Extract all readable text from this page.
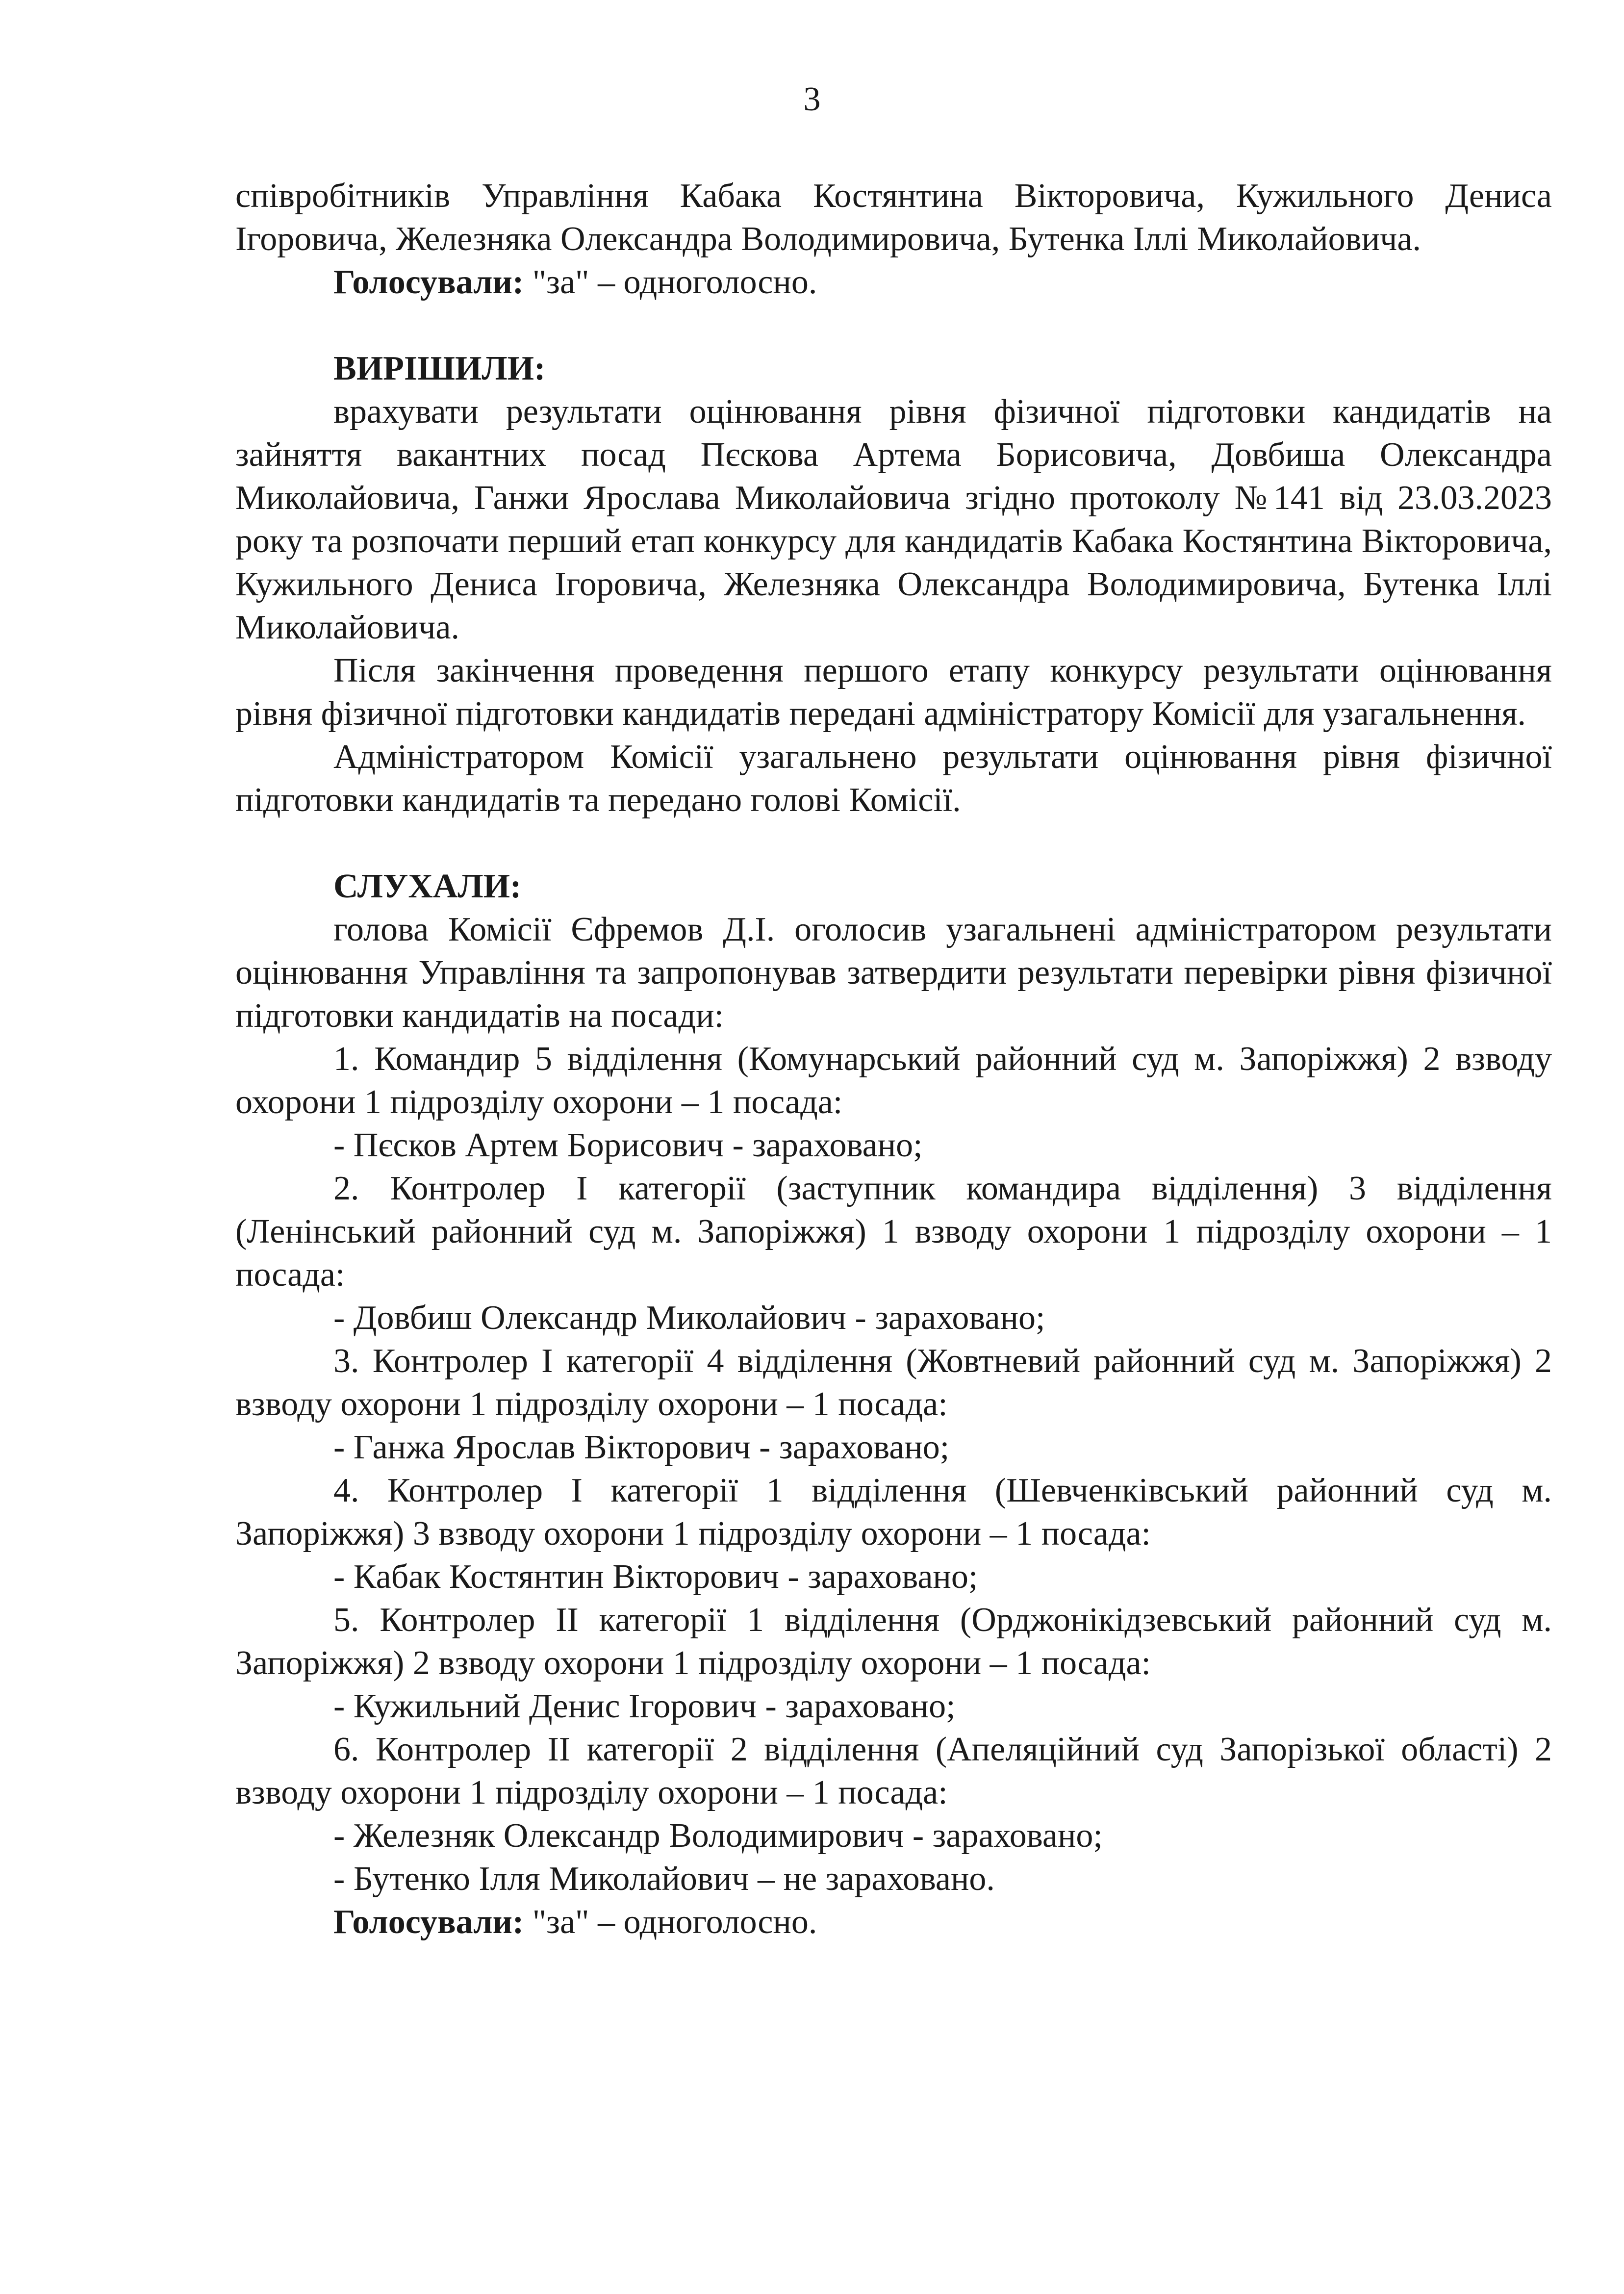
3

співробітників Управління Кабака Костянтина Вікторовича, Кужильного Дениса Ігоровича, Железняка Олександра Володимировича, Бутенка Іллі Миколайовича.

Голосували: "за" – одноголосно.

ВИРІШИЛИ:

врахувати результати оцінювання рівня фізичної підготовки кандидатів на зайняття вакантних посад Пєскова Артема Борисовича, Довбиша Олександра Миколайовича, Ганжи Ярослава Миколайовича згідно протоколу №141 від 23.03.2023 року та розпочати перший етап конкурсу для кандидатів Кабака Костянтина Вікторовича, Кужильного Дениса Ігоровича, Железняка Олександра Володимировича, Бутенка Іллі Миколайовича.

Після закінчення проведення першого етапу конкурсу результати оцінювання рівня фізичної підготовки кандидатів передані адміністратору Комісії для узагальнення.

Адміністратором Комісії узагальнено результати оцінювання рівня фізичної підготовки кандидатів та передано голові Комісії.

СЛУХАЛИ:

голова Комісії Єфремов Д.І. оголосив узагальнені адміністратором результати оцінювання Управління та запропонував затвердити результати перевірки рівня фізичної підготовки кандидатів на посади:

1. Командир 5 відділення (Комунарський районний суд м. Запоріжжя) 2 взводу охорони 1 підрозділу охорони – 1 посада:

- Пєсков Артем Борисович - зараховано;

2. Контролер І категорії (заступник командира відділення) 3 відділення (Ленінський районний суд м. Запоріжжя) 1 взводу охорони 1 підрозділу охорони – 1 посада:

- Довбиш Олександр Миколайович - зараховано;

3. Контролер І категорії 4 відділення (Жовтневий районний суд м. Запоріжжя) 2 взводу охорони 1 підрозділу охорони – 1 посада:

- Ганжа Ярослав Вікторович - зараховано;

4. Контролер І категорії 1 відділення (Шевченківський районний суд м. Запоріжжя) 3 взводу охорони 1 підрозділу охорони – 1 посада:

- Кабак Костянтин Вікторович - зараховано;

5. Контролер ІІ категорії 1 відділення (Орджонікідзевський районний суд м. Запоріжжя) 2 взводу охорони 1 підрозділу охорони – 1 посада:

- Кужильний Денис Ігорович - зараховано;

6. Контролер ІІ категорії 2 відділення (Апеляційний суд Запорізької області) 2 взводу охорони 1 підрозділу охорони – 1 посада:

- Железняк Олександр Володимирович - зараховано;

- Бутенко Ілля Миколайович – не зараховано.

Голосували: "за" – одноголосно.
